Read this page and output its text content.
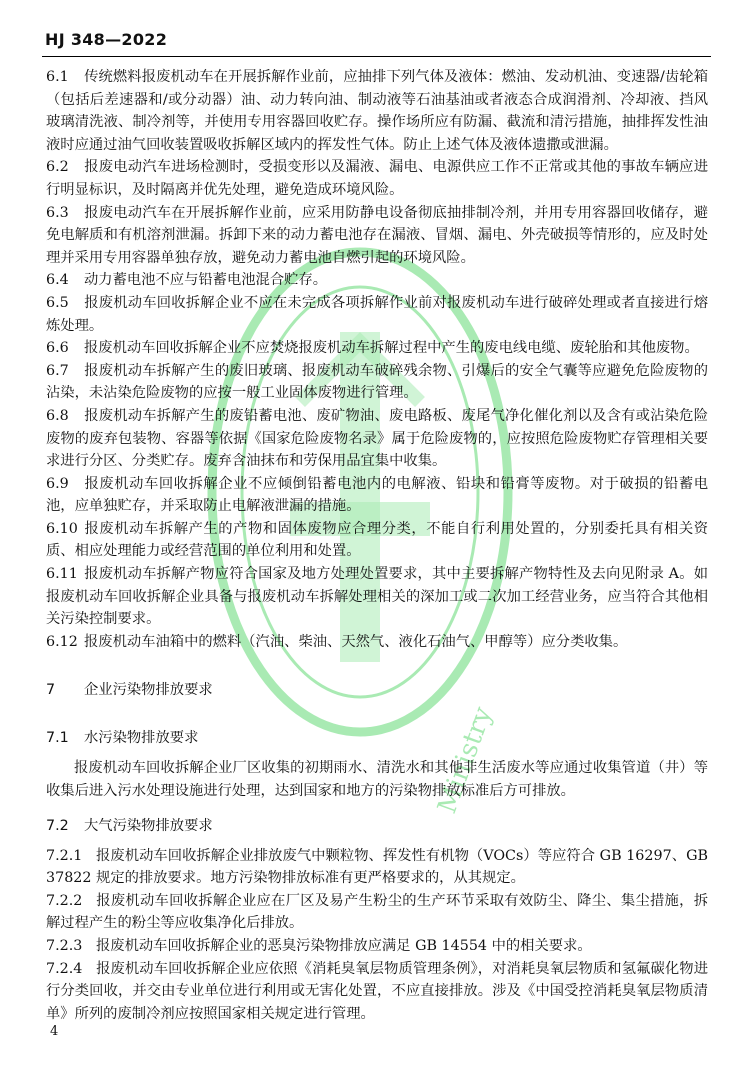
HJ 348—2022
Ministry

6.1 传统燃料报废机动车在开展拆解作业前，应抽排下列气体及液体：燃油、发动机油、变速器/齿轮箱（包括后差速器和/或分动器）油、动力转向油、制动液等石油基油或者液态合成润滑剂、冷却液、挡风玻璃清洗液、制冷剂等，并使用专用容器回收贮存。操作场所应有防漏、截流和清污措施，抽排挥发性油液时应通过油气回收装置吸收拆解区域内的挥发性气体。防止上述气体及液体遗撒或泄漏。

6.2 报废电动汽车进场检测时，受损变形以及漏液、漏电、电源供应工作不正常或其他的事故车辆应进行明显标识，及时隔离并优先处理，避免造成环境风险。

6.3 报废电动汽车在开展拆解作业前，应采用防静电设备彻底抽排制冷剂，并用专用容器回收储存，避免电解质和有机溶剂泄漏。拆卸下来的动力蓄电池存在漏液、冒烟、漏电、外壳破损等情形的，应及时处理并采用专用容器单独存放，避免动力蓄电池自燃引起的环境风险。

6.4 动力蓄电池不应与铅蓄电池混合贮存。

6.5 报废机动车回收拆解企业不应在未完成各项拆解作业前对报废机动车进行破碎处理或者直接进行熔炼处理。

6.6 报废机动车回收拆解企业不应焚烧报废机动车拆解过程中产生的废电线电缆、废轮胎和其他废物。

6.7 报废机动车拆解产生的废旧玻璃、报废机动车破碎残余物、引爆后的安全气囊等应避免危险废物的沾染，未沾染危险废物的应按一般工业固体废物进行管理。

6.8 报废机动车拆解产生的废铅蓄电池、废矿物油、废电路板、废尾气净化催化剂以及含有或沾染危险废物的废弃包装物、容器等依据《国家危险废物名录》属于危险废物的，应按照危险废物贮存管理相关要求进行分区、分类贮存。废弃含油抹布和劳保用品宜集中收集。

6.9 报废机动车回收拆解企业不应倾倒铅蓄电池内的电解液、铅块和铅膏等废物。对于破损的铅蓄电池，应单独贮存，并采取防止电解液泄漏的措施。

6.10 报废机动车拆解产生的产物和固体废物应合理分类，不能自行利用处置的，分别委托具有相关资质、相应处理能力或经营范围的单位利用和处置。

6.11 报废机动车拆解产物应符合国家及地方处理处置要求，其中主要拆解产物特性及去向见附录 A。如报废机动车回收拆解企业具备与报废机动车拆解处理相关的深加工或二次加工经营业务，应当符合其他相关污染控制要求。

6.12 报废机动车油箱中的燃料（汽油、柴油、天然气、液化石油气、甲醇等）应分类收集。

7 企业污染物排放要求

7.1 水污染物排放要求

报废机动车回收拆解企业厂区收集的初期雨水、清洗水和其他非生活废水等应通过收集管道（井）等收集后进入污水处理设施进行处理，达到国家和地方的污染物排放标准后方可排放。

7.2 大气污染物排放要求

7.2.1 报废机动车回收拆解企业排放废气中颗粒物、挥发性有机物（VOCs）等应符合 GB 16297、GB 37822 规定的排放要求。地方污染物排放标准有更严格要求的，从其规定。

7.2.2 报废机动车回收拆解企业应在厂区及易产生粉尘的生产环节采取有效防尘、降尘、集尘措施，拆解过程产生的粉尘等应收集净化后排放。

7.2.3 报废机动车回收拆解企业的恶臭污染物排放应满足 GB 14554 中的相关要求。

7.2.4 报废机动车回收拆解企业应依照《消耗臭氧层物质管理条例》，对消耗臭氧层物质和氢氟碳化物进行分类回收，并交由专业单位进行利用或无害化处置，不应直接排放。涉及《中国受控消耗臭氧层物质清单》所列的废制冷剂应按照国家相关规定进行管理。

4
